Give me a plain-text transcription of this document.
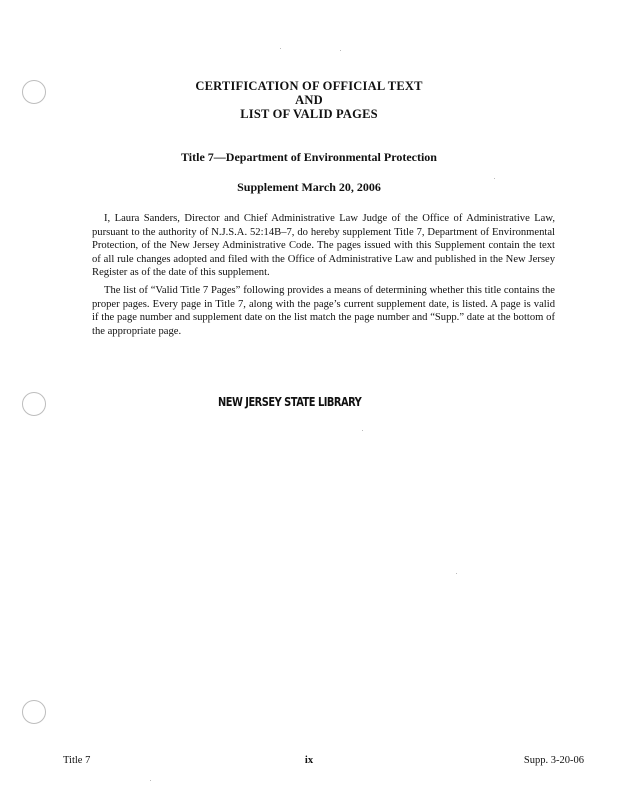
CERTIFICATION OF OFFICIAL TEXT
AND
LIST OF VALID PAGES
Title 7—Department of Environmental Protection
Supplement March 20, 2006

I, Laura Sanders, Director and Chief Administrative Law Judge of the Office of Administrative Law, pursuant to the authority of N.J.S.A. 52:14B–7, do hereby supplement Title 7, Department of Environmental Protection, of the New Jersey Administrative Code. The pages issued with this Supplement contain the text of all rule changes adopted and filed with the Office of Administrative Law and published in the New Jersey Register as of the date of this supplement.

The list of “Valid Title 7 Pages” following provides a means of determining whether this title contains the proper pages. Every page in Title 7, along with the page’s current supplement date, is listed. A page is valid if the page number and supplement date on the list match the page number and “Supp.” date at the bottom of the appropriate page.

NEW JERSEY STATE LIBRARY
Title 7	ix	Supp. 3-20-06
